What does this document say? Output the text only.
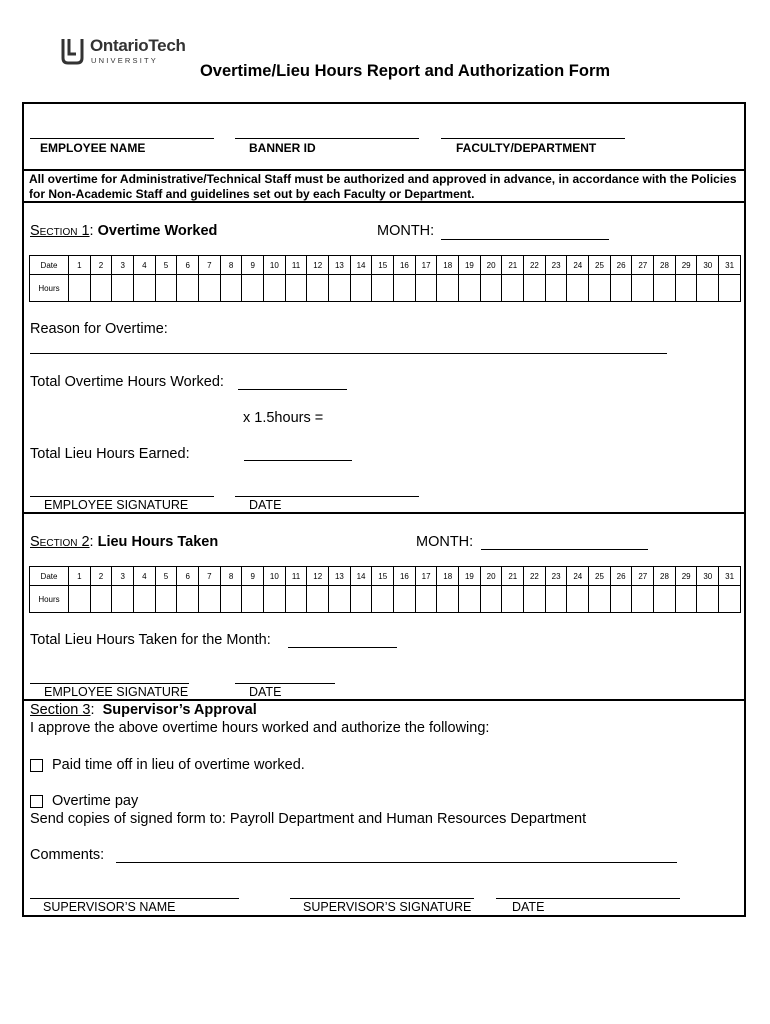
OntarioTech
UNIVERSITY
Overtime/Lieu Hours Report and Authorization Form
EMPLOYEE NAME	BANNER ID	FACULTY/DEPARTMENT
All overtime for Administrative/Technical Staff must be authorized and approved in advance, in accordance with the Policies for Non-Academic Staff and guidelines set out by each Faculty or Department.
Section 1: Overtime Worked	MONTH:
Date	1	2	3	4	5	6	7	8	9	10	11	12	13	14	15	16	17	18	19	20	21	22	23	24	25	26	27	28	29	30	31
Hours																															
Reason for Overtime:
Total Overtime Hours Worked:
x 1.5hours =
Total Lieu Hours Earned:
EMPLOYEE SIGNATURE	DATE
Section 2: Lieu Hours Taken	MONTH:
Date	1	2	3	4	5	6	7	8	9	10	11	12	13	14	15	16	17	18	19	20	21	22	23	24	25	26	27	28	29	30	31
Hours																															
Total Lieu Hours Taken for the Month:
EMPLOYEE SIGNATURE	DATE
Section 3:  Supervisor’s Approval
I approve the above overtime hours worked and authorize the following:
Paid time off in lieu of overtime worked.
Overtime pay
Send copies of signed form to: Payroll Department and Human Resources Department
Comments:
SUPERVISOR’S NAME	SUPERVISOR’S SIGNATURE	DATE
